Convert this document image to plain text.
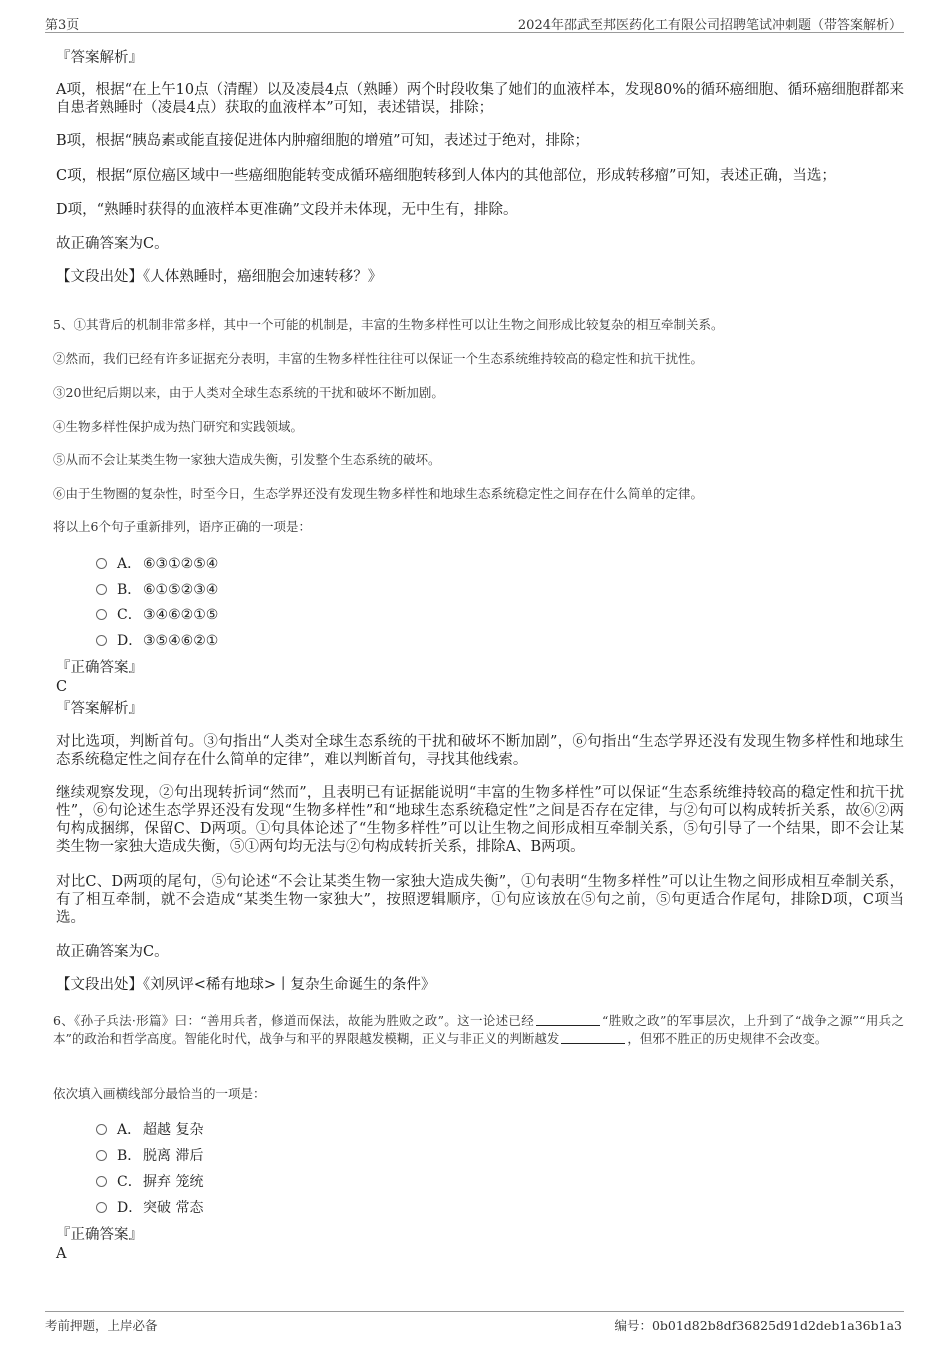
第3页	2024年邵武至邦医药化工有限公司招聘笔试冲刺题（带答案解析）

『答案解析』

A项，根据“在上午10点（清醒）以及凌晨4点（熟睡）两个时段收集了她们的血液样本，发现80%的循环癌细胞、循环癌细胞群都来自患者熟睡时（凌晨4点）获取的血液样本”可知，表述错误，排除；

B项，根据“胰岛素或能直接促进体内肿瘤细胞的增殖”可知，表述过于绝对，排除；

C项，根据“原位癌区域中一些癌细胞能转变成循环癌细胞转移到人体内的其他部位，形成转移瘤”可知，表述正确，当选；

D项，“熟睡时获得的血液样本更准确”文段并未体现，无中生有，排除。

故正确答案为C。

【文段出处】《人体熟睡时，癌细胞会加速转移？》

5、①其背后的机制非常多样，其中一个可能的机制是，丰富的生物多样性可以让生物之间形成比较复杂的相互牵制关系。

②然而，我们已经有许多证据充分表明，丰富的生物多样性往往可以保证一个生态系统维持较高的稳定性和抗干扰性。

③20世纪后期以来，由于人类对全球生态系统的干扰和破坏不断加剧。

④生物多样性保护成为热门研究和实践领域。

⑤从而不会让某类生物一家独大造成失衡，引发整个生态系统的破坏。

⑥由于生物圈的复杂性，时至今日，生态学界还没有发现生物多样性和地球生态系统稳定性之间存在什么简单的定律。

将以上6个句子重新排列，语序正确的一项是：

A． ⑥③①②⑤④
B． ⑥①⑤②③④
C．③④⑥②①⑤
D．③⑤④⑥②①

『正确答案』

C

『答案解析』

对比选项，判断首句。③句指出“人类对全球生态系统的干扰和破坏不断加剧”，⑥句指出“生态学界还没有发现生物多样性和地球生态系统稳定性之间存在什么简单的定律”，难以判断首句，寻找其他线索。

继续观察发现，②句出现转折词“然而”，且表明已有证据能说明“丰富的生物多样性”可以保证“生态系统维持较高的稳定性和抗干扰性”，⑥句论述生态学界还没有发现“生物多样性”和“地球生态系统稳定性”之间是否存在定律，与②句可以构成转折关系，故⑥②两句构成捆绑，保留C、D两项。①句具体论述了“生物多样性”可以让生物之间形成相互牵制关系，⑤句引导了一个结果，即不会让某类生物一家独大造成失衡，⑤①两句均无法与②句构成转折关系，排除A、B两项。

对比C、D两项的尾句，⑤句论述“不会让某类生物一家独大造成失衡”，①句表明“生物多样性”可以让生物之间形成相互牵制关系，有了相互牵制，就不会造成“某类生物一家独大”，按照逻辑顺序，①句应该放在⑤句之前，⑤句更适合作尾句，排除D项，C项当选。

故正确答案为C。

【文段出处】《刘夙评<稀有地球>丨复杂生命诞生的条件》

6、《孙子兵法·形篇》曰：“善用兵者，修道而保法，故能为胜败之政”。这一论述已经	“胜败之政”的军事层次，上升到了“战争之源”“用兵之本”的政治和哲学高度。智能化时代，战争与和平的界限越发模糊，正义与非正义的判断越发	，但邪不胜正的历史规律不会改变。

依次填入画横线部分最恰当的一项是：

A． 超越 复杂
B． 脱离 滞后
C．摒弃 笼统
D．突破 常态

『正确答案』

A

考前押题，上岸必备	编号：0b01d82b8df36825d91d2deb1a36b1a3
